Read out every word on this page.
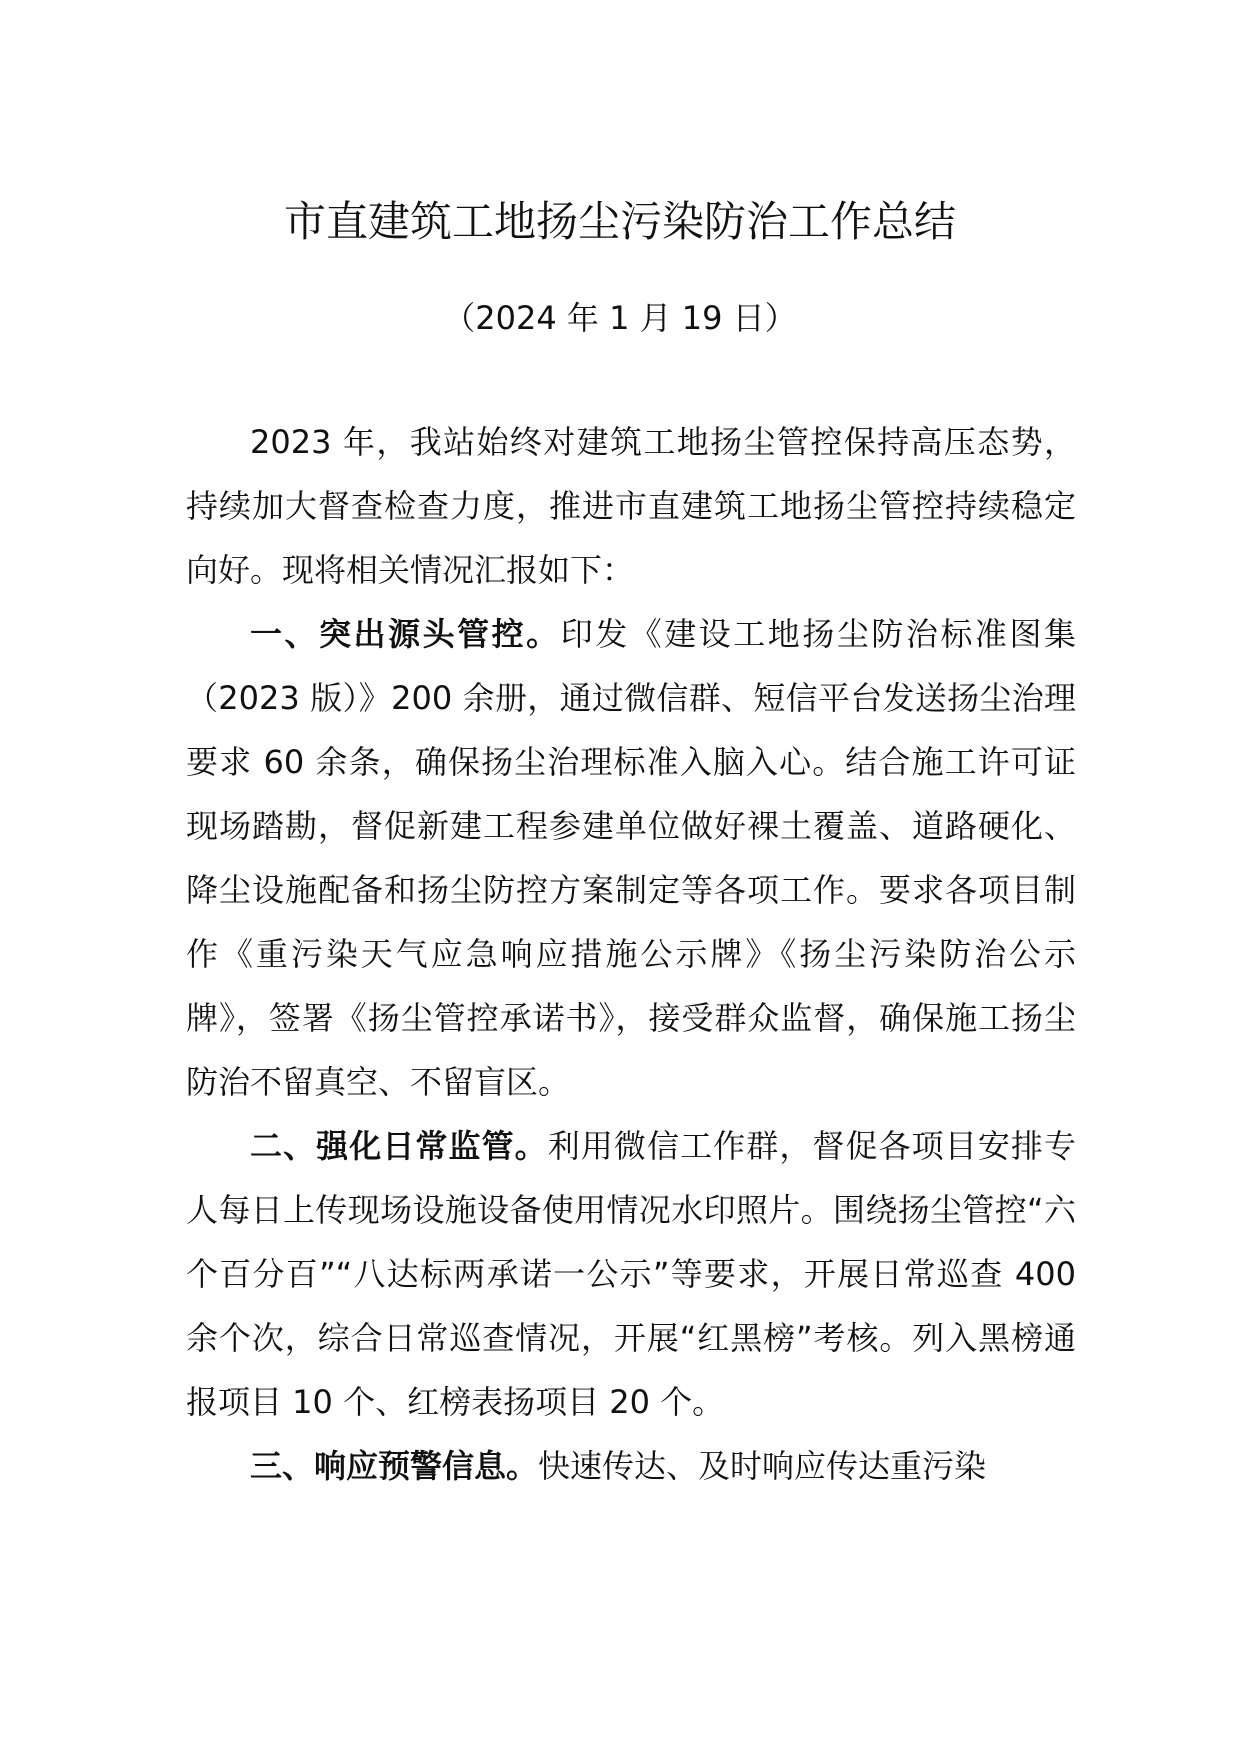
市直建筑工地扬尘污染防治工作总结
（2024 年 1 月 19 日）

2023 年，我站始终对建筑工地扬尘管控保持高压态势，持续加大督查检查力度，推进市直建筑工地扬尘管控持续稳定向好。现将相关情况汇报如下：

一、突出源头管控。印发《建设工地扬尘防治标准图集（2023 版）》200 余册，通过微信群、短信平台发送扬尘治理要求 60 余条，确保扬尘治理标准入脑入心。结合施工许可证现场踏勘，督促新建工程参建单位做好裸土覆盖、道路硬化、降尘设施配备和扬尘防控方案制定等各项工作。要求各项目制作《重污染天气应急响应措施公示牌》《扬尘污染防治公示牌》，签署《扬尘管控承诺书》，接受群众监督，确保施工扬尘防治不留真空、不留盲区。

二、强化日常监管。利用微信工作群，督促各项目安排专人每日上传现场设施设备使用情况水印照片。围绕扬尘管控“六个百分百”“八达标两承诺一公示”等要求，开展日常巡查 400 余个次，综合日常巡查情况，开展“红黑榜”考核。列入黑榜通报项目 10 个、红榜表扬项目 20 个。

三、响应预警信息。快速传达、及时响应传达重污染
